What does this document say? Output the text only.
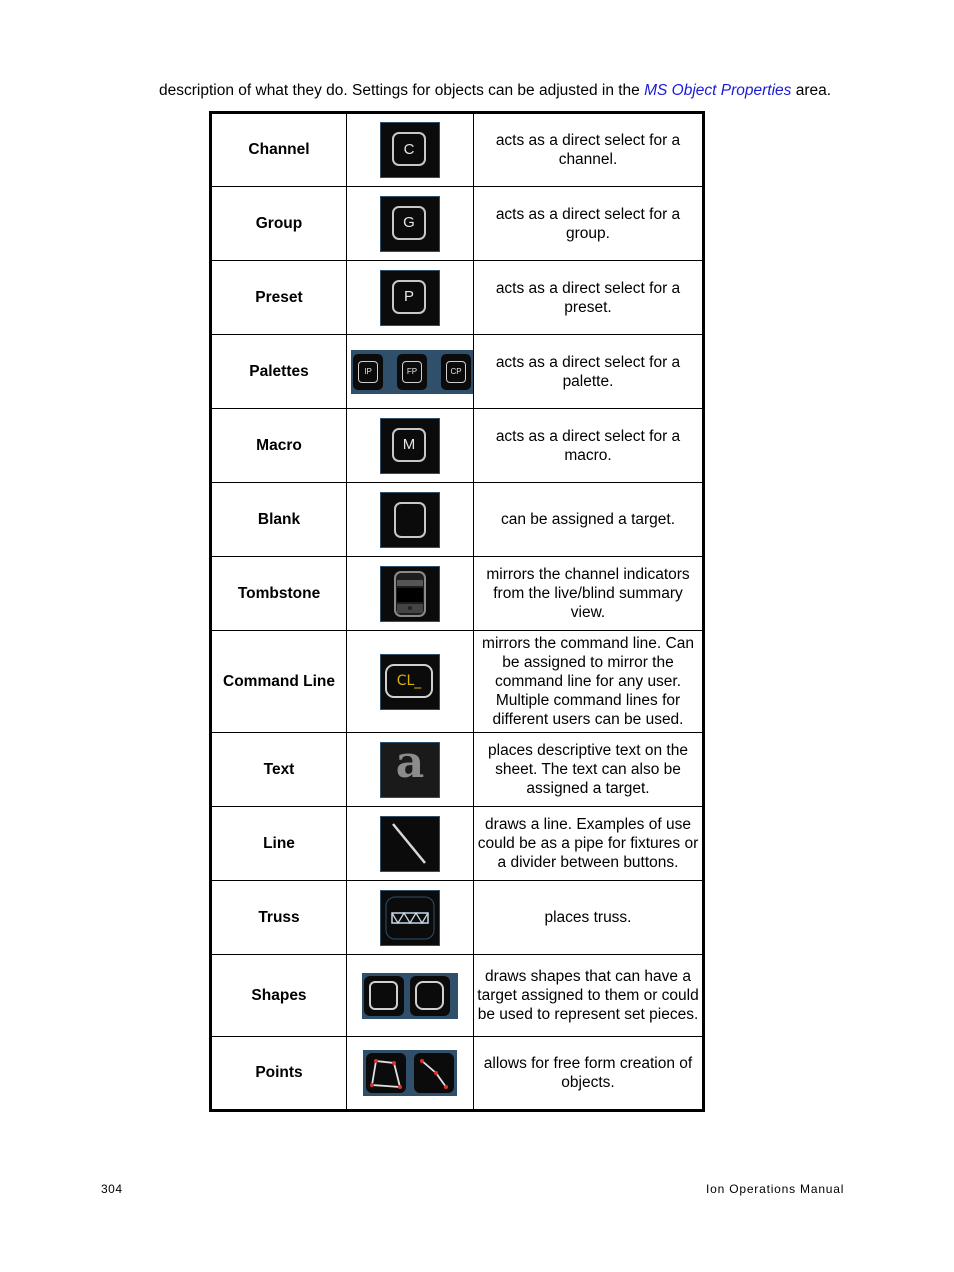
description of what they do. Settings for objects can be adjusted in the MS Object Properties area.
Channel	C	acts as a direct select for a channel.
Group	G	acts as a direct select for a group.
Preset	P	acts as a direct select for a preset.
Palettes	IP FP CP	acts as a direct select for a palette.
Macro	M	acts as a direct select for a macro.
Blank		can be assigned a target.
Tombstone		mirrors the channel indicators from the live/blind summary view.
Command Line	CL_	mirrors the command line. Can be assigned to mirror the command line for any user. Multiple command lines for different users can be used.
Text	a	places descriptive text on the sheet. The text can also be assigned a target.
Line		draws a line. Examples of use could be as a pipe for fixtures or a divider between buttons.
Truss		places truss.
Shapes		draws shapes that can have a target assigned to them or could be used to represent set pieces.
Points		allows for free form creation of objects.
304	Ion Operations Manual
